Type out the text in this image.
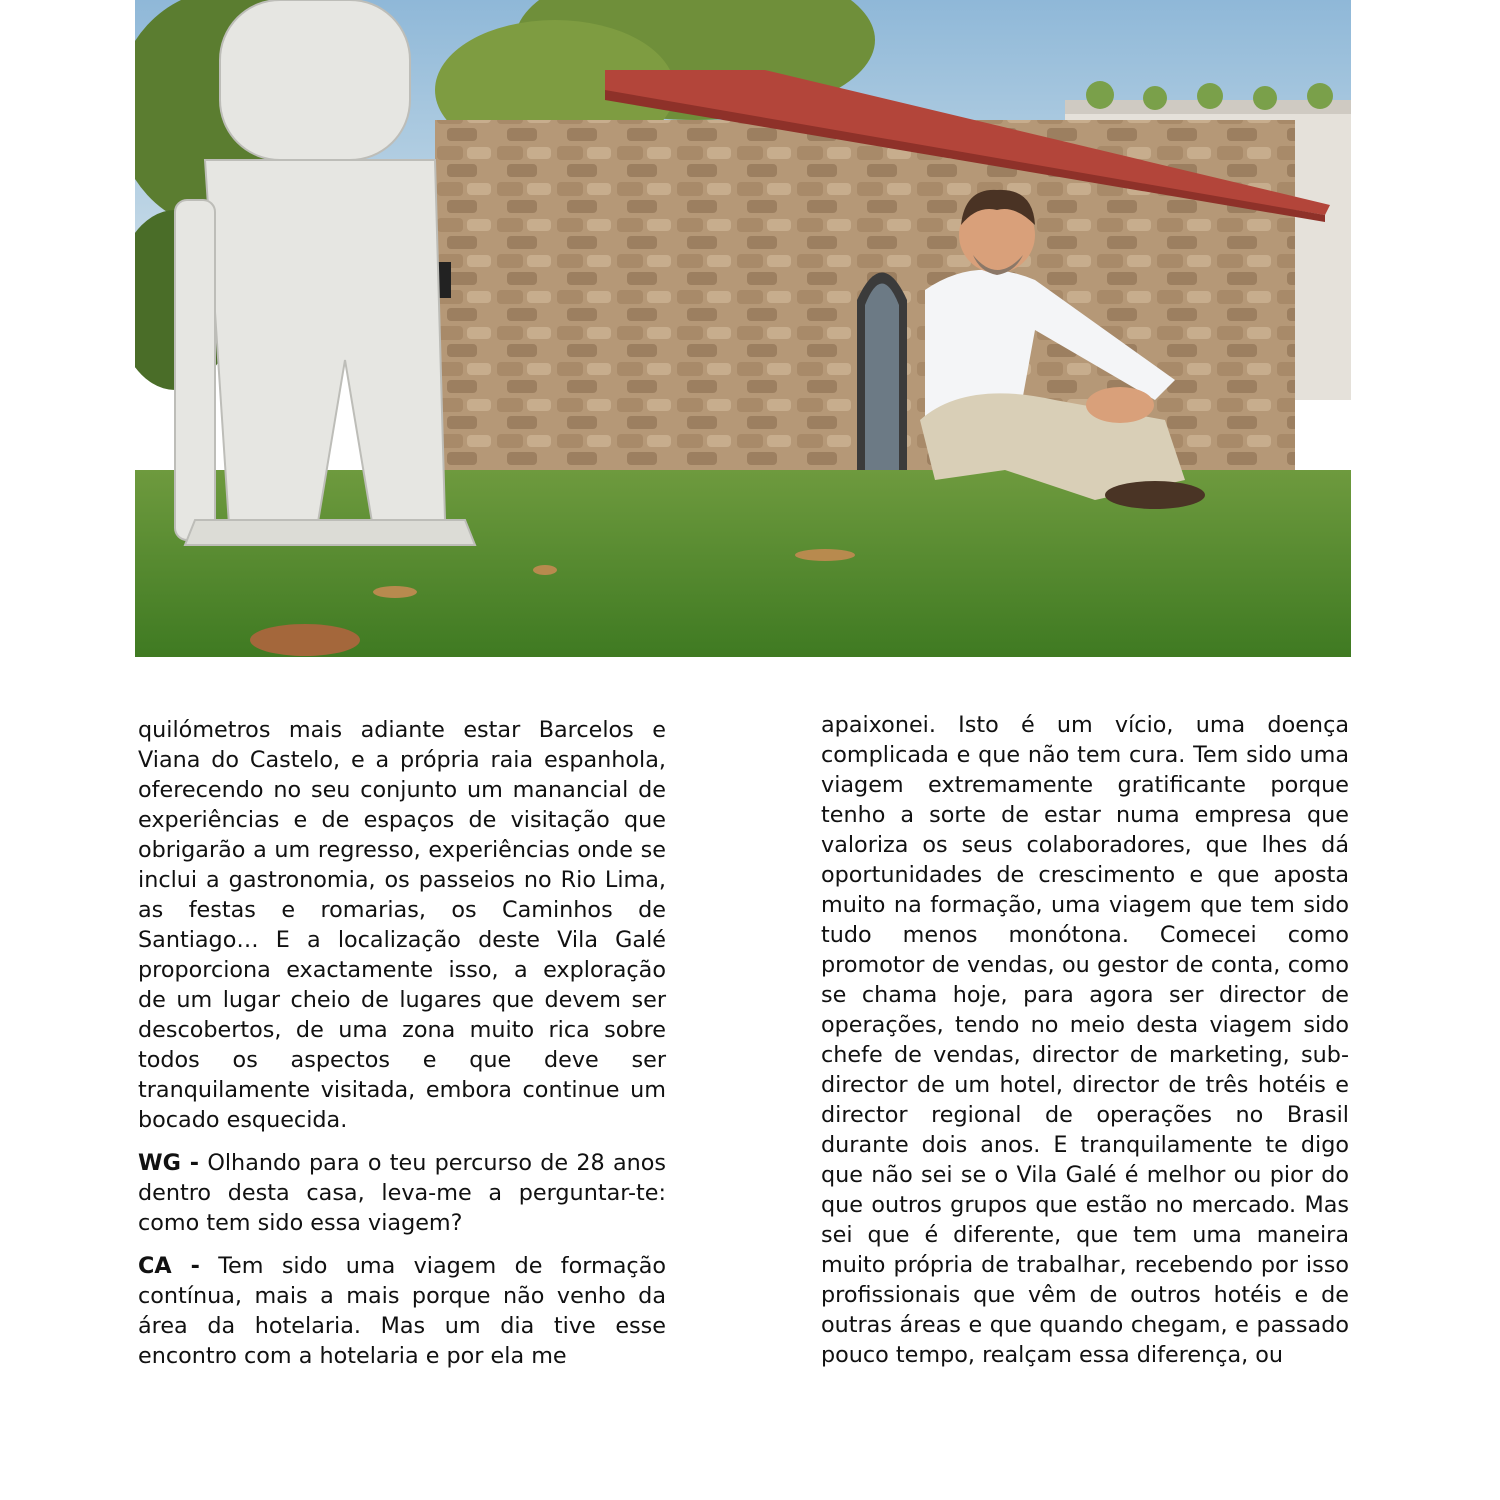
quilómetros mais adiante estar Barcelos e Viana do Castelo, e a própria raia espanhola, oferecendo no seu conjunto um manancial de experiências e de espaços de visitação que obrigarão a um regresso, experiências onde se inclui a gastronomia, os passeios no Rio Lima, as festas e romarias, os Caminhos de Santiago… E a localização deste Vila Galé proporciona exactamente isso, a exploração de um lugar cheio de lugares que devem ser descobertos, de uma zona muito rica sobre todos os aspectos e que deve ser tranquilamente visitada, embora continue um bocado esquecida.

WG - Olhando para o teu percurso de 28 anos dentro desta casa, leva-me a perguntar-te: como tem sido essa viagem?

CA - Tem sido uma viagem de formação contínua, mais a mais porque não venho da área da hotelaria. Mas um dia tive esse encontro com a hotelaria e por ela me

apaixonei. Isto é um vício, uma doença complicada e que não tem cura. Tem sido uma viagem extremamente gratificante porque tenho a sorte de estar numa empresa que valoriza os seus colaboradores, que lhes dá oportunidades de crescimento e que aposta muito na formação, uma viagem que tem sido tudo menos monótona. Comecei como promotor de vendas, ou gestor de conta, como se chama hoje, para agora ser director de operações, tendo no meio desta viagem sido chefe de vendas, director de marketing, sub-director de um hotel, director de três hotéis e director regional de operações no Brasil durante dois anos. E tranquilamente te digo que não sei se o Vila Galé é melhor ou pior do que outros grupos que estão no mercado. Mas sei que é diferente, que tem uma maneira muito própria de trabalhar, recebendo por isso profissionais que vêm de outros hotéis e de outras áreas e que quando chegam, e passado pouco tempo, realçam essa diferença, ou
